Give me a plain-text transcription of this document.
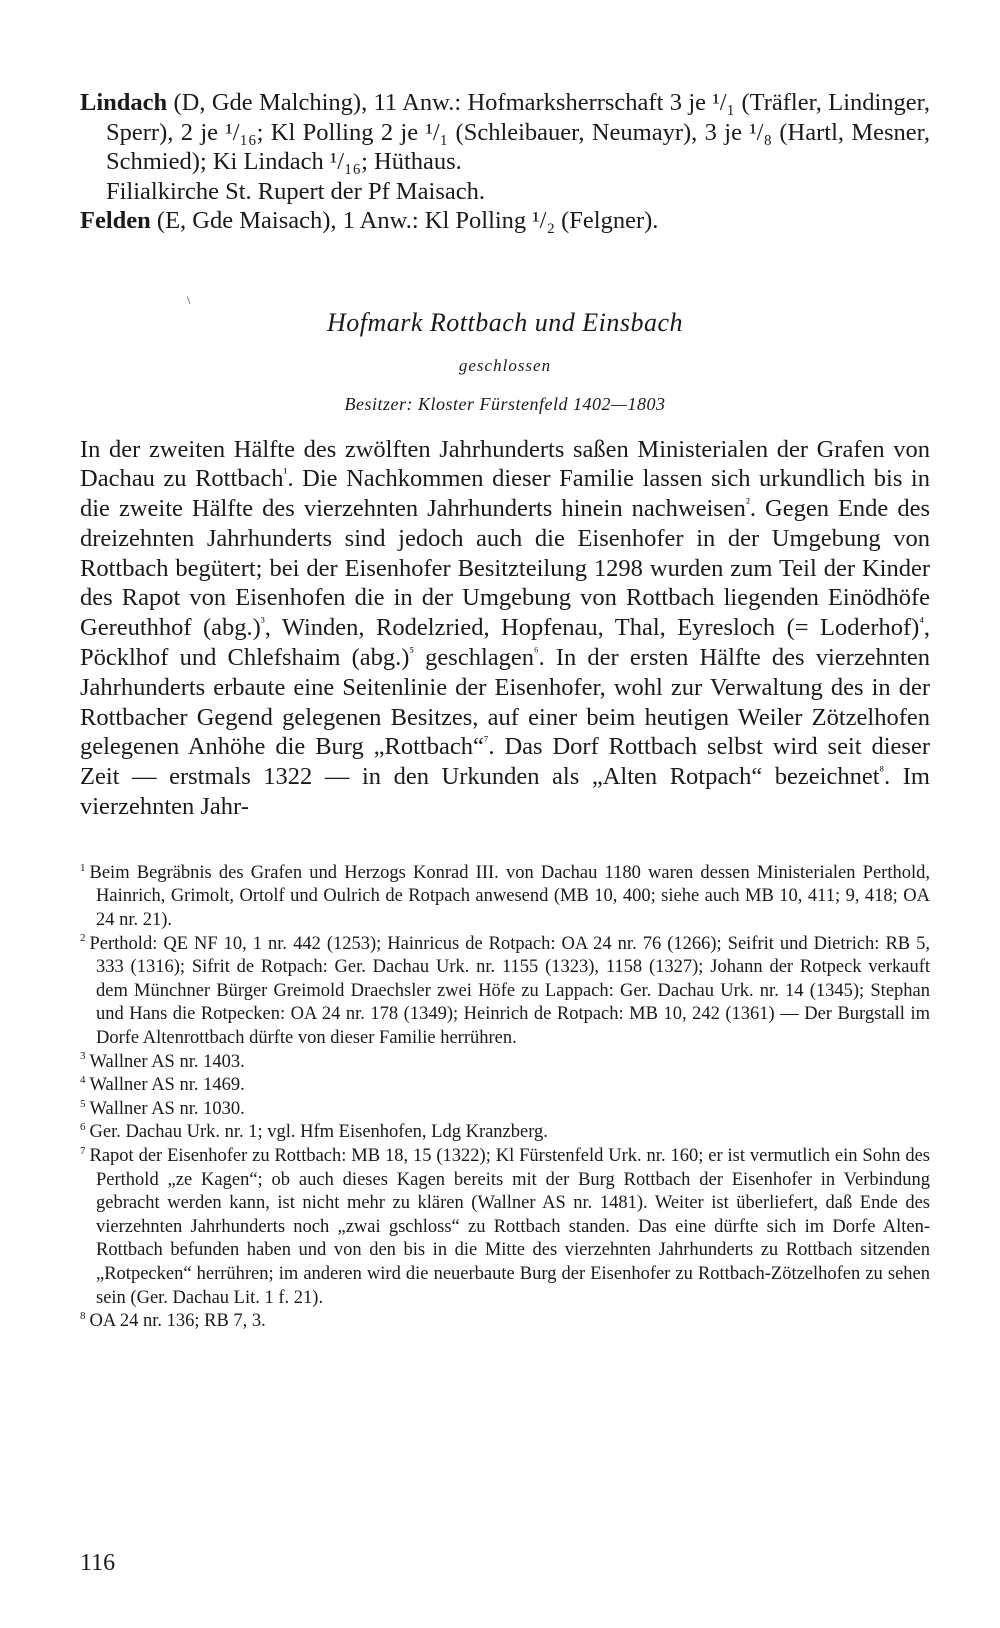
Lindach (D, Gde Malching), 11 Anw.: Hofmarksherrschaft 3 je ¹/₁ (Träfler, Lindinger, Sperr), 2 je ¹/₁₆; Kl Polling 2 je ¹/₁ (Schleibauer, Neumayr), 3 je ¹/₈ (Hartl, Mesner, Schmied); Ki Lindach ¹/₁₆; Hüthaus.

Filialkirche St. Rupert der Pf Maisach.

Felden (E, Gde Maisach), 1 Anw.: Kl Polling ¹/₂ (Felgner).

Hofmark Rottbach und Einsbach
geschlossen
Besitzer: Kloster Fürstenfeld 1402—1803

In der zweiten Hälfte des zwölften Jahrhunderts saßen Ministerialen der Grafen von Dachau zu Rottbach$^{^1}$. Die Nachkommen dieser Familie lassen sich urkundlich bis in die zweite Hälfte des vierzehnten Jahrhunderts hinein nachweisen$^{^2}$. Gegen Ende des dreizehnten Jahrhunderts sind jedoch auch die Eisenhofer in der Umgebung von Rottbach begütert; bei der Eisenhofer Besitzteilung 1298 wurden zum Teil der Kinder des Rapot von Eisenhofen die in der Umgebung von Rottbach liegenden Einödhöfe Gereuthhof (abg.)$^{^3}$, Winden, Rodelzried, Hopfenau, Thal, Eyresloch (= Loderhof)$^{^4}$, Pöcklhof und Chlefshaim (abg.)$^{^5}$ geschlagen$^{^6}$. In der ersten Hälfte des vierzehnten Jahrhunderts erbaute eine Seitenlinie der Eisenhofer, wohl zur Verwaltung des in der Rottbacher Gegend gelegenen Besitzes, auf einer beim heutigen Weiler Zötzelhofen gelegenen Anhöhe die Burg „Rottbach“$^{^7}$. Das Dorf Rottbach selbst wird seit dieser Zeit — erstmals 1322 — in den Urkunden als „Alten Rotpach“ bezeichnet$^{^8}$. Im vierzehnten Jahr-

$^1$ Beim Begräbnis des Grafen und Herzogs Konrad III. von Dachau 1180 waren dessen Ministerialen Perthold, Hainrich, Grimolt, Ortolf und Oulrich de Rotpach anwesend (MB 10, 400; siehe auch MB 10, 411; 9, 418; OA 24 nr. 21).

$^2$ Perthold: QE NF 10, 1 nr. 442 (1253); Hainricus de Rotpach: OA 24 nr. 76 (1266); Seifrit und Dietrich: RB 5, 333 (1316); Sifrit de Rotpach: Ger. Dachau Urk. nr. 1155 (1323), 1158 (1327); Johann der Rotpeck verkauft dem Münchner Bürger Greimold Draechsler zwei Höfe zu Lappach: Ger. Dachau Urk. nr. 14 (1345); Stephan und Hans die Rotpecken: OA 24 nr. 178 (1349); Heinrich de Rotpach: MB 10, 242 (1361) — Der Burgstall im Dorfe Altenrottbach dürfte von dieser Familie herrühren.

$^3$ Wallner AS nr. 1403.

$^4$ Wallner AS nr. 1469.

$^5$ Wallner AS nr. 1030.

$^6$ Ger. Dachau Urk. nr. 1; vgl. Hfm Eisenhofen, Ldg Kranzberg.

$^7$ Rapot der Eisenhofer zu Rottbach: MB 18, 15 (1322); Kl Fürstenfeld Urk. nr. 160; er ist vermutlich ein Sohn des Perthold „ze Kagen“; ob auch dieses Kagen bereits mit der Burg Rottbach der Eisenhofer in Verbindung gebracht werden kann, ist nicht mehr zu klären (Wallner AS nr. 1481). Weiter ist überliefert, daß Ende des vierzehnten Jahrhunderts noch „zwai gschloss“ zu Rottbach standen. Das eine dürfte sich im Dorfe Alten-Rottbach befunden haben und von den bis in die Mitte des vierzehnten Jahrhunderts zu Rottbach sitzenden „Rotpecken“ herrühren; im anderen wird die neuerbaute Burg der Eisenhofer zu Rottbach-Zötzelhofen zu sehen sein (Ger. Dachau Lit. 1 f. 21).

$^8$ OA 24 nr. 136; RB 7, 3.

\
116
